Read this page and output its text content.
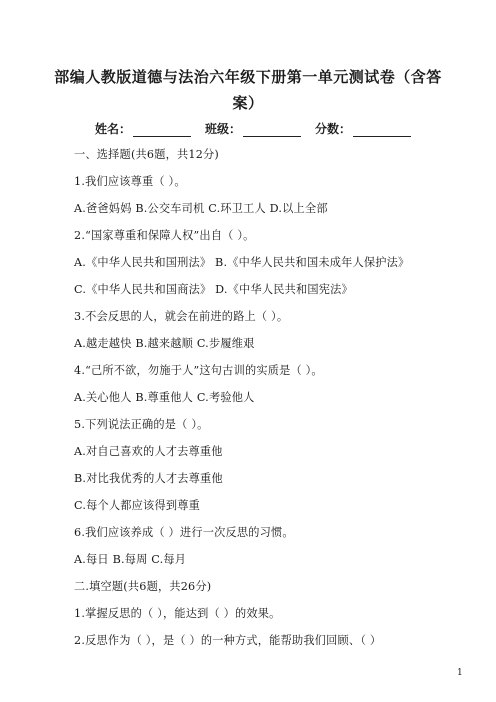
部编人教版道德与法治六年级下册第一单元测试卷（含答
案）
姓名：	班级：	分数：
一、选择题(共6题，共12分)
1.我们应该尊重（ ）。
A.爸爸妈妈 B.公交车司机 C.环卫工人 D.以上全部
2.“国家尊重和保障人权”出自（ ）。
A.《中华人民共和国刑法》 B.《中华人民共和国未成年人保护法》
C.《中华人民共和国商法》 D.《中华人民共和国宪法》
3.不会反思的人，就会在前进的路上（ ）。
A.越走越快 B.越来越顺 C.步履维艰
4.“己所不欲，勿施于人”这句古训的实质是（ ）。
A.关心他人 B.尊重他人 C.考验他人
5.下列说法正确的是（ ）。
A.对自己喜欢的人才去尊重他
B.对比我优秀的人才去尊重他
C.每个人都应该得到尊重
6.我们应该养成（ ）进行一次反思的习惯。
A.每日 B.每周 C.每月
二.填空题(共6题，共26分)
1.掌握反思的（ ），能达到（ ）的效果。
2.反思作为（ ），是（ ）的一种方式，能帮助我们回顾、（ ）
1
